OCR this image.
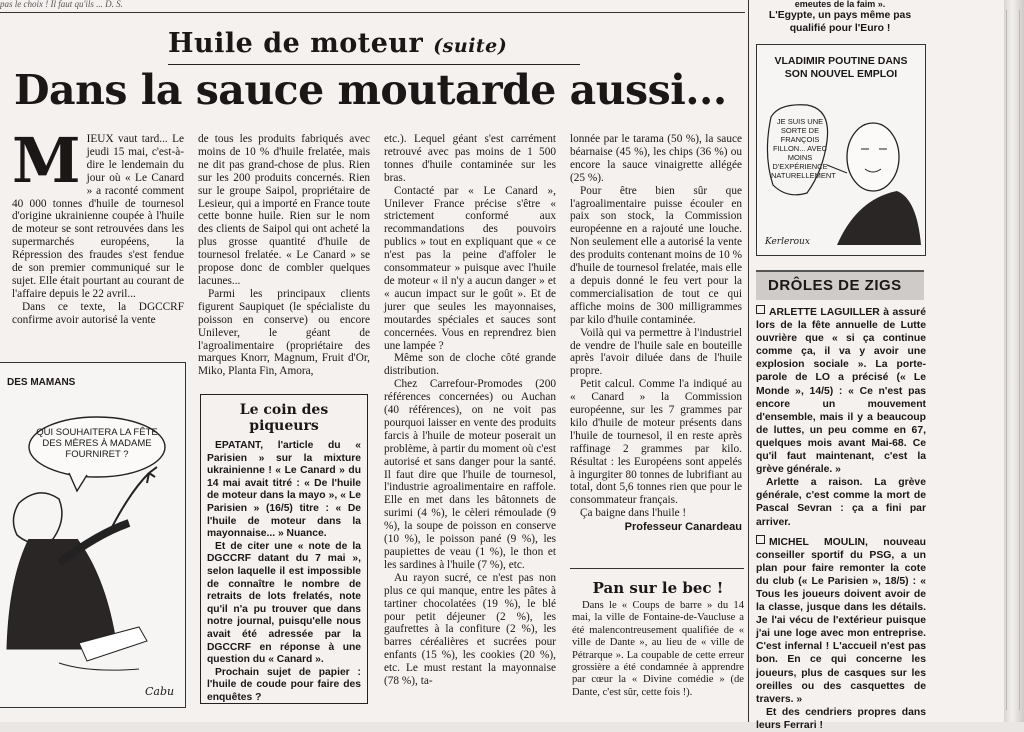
pas le choix ! Il faut qu'ils ... D. S.
Huile de moteur (suite)
Dans la sauce moutarde aussi...
M IEUX vaut tard... Le jeudi 15 mai, c'est-à-dire le lendemain du jour où « Le Canard » a raconté comment 40 000 tonnes d'huile de tournesol d'origine ukrainienne coupée à l'huile de moteur se sont retrouvées dans les supermarchés européens, la Répression des fraudes s'est fendue de son premier communiqué sur le sujet. Elle était pourtant au courant de l'affaire depuis le 22 avril...

Dans ce texte, la DGCCRF confirme avoir autorisé la vente

de tous les produits fabriqués avec moins de 10 % d'huile frelatée, mais ne dit pas grand-chose de plus. Rien sur les 200 produits concernés. Rien sur le groupe Saipol, propriétaire de Lesieur, qui a importé en France toute cette bonne huile. Rien sur le nom des clients de Saipol qui ont acheté la plus grosse quantité d'huile de tournesol frelatée. « Le Canard » se propose donc de combler quelques lacunes...

Parmi les principaux clients figurent Saupiquet (le spécialiste du poisson en conserve) ou encore Unilever, le géant de l'agroalimentaire (propriétaire des marques Knorr, Magnum, Fruit d'Or, Miko, Planta Fin, Amora,

etc.). Lequel géant s'est carrément retrouvé avec pas moins de 1 500 tonnes d'huile contaminée sur les bras.

Contacté par « Le Canard », Unilever France précise s'être « strictement conformé aux recommandations des pouvoirs publics » tout en expliquant que « ce n'est pas la peine d'affoler le consommateur » puisque avec l'huile de moteur « il n'y a aucun danger » et « aucun impact sur le goût ». Et de jurer que seules les mayonnaises, moutardes spéciales et sauces sont concernées. Vous en reprendrez bien une lampée ?

Même son de cloche côté grande distribution.

Chez Carrefour-Promodes (200 références concernées) ou Auchan (40 références), on ne voit pas pourquoi laisser en vente des produits farcis à l'huile de moteur poserait un problème, à partir du moment où c'est autorisé et sans danger pour la santé. Il faut dire que l'huile de tournesol, l'industrie agroalimentaire en raffole. Elle en met dans les bâtonnets de surimi (4 %), le cèleri rémoulade (9 %), la soupe de poisson en conserve (10 %), le poisson pané (9 %), les paupiettes de veau (1 %), le thon et les sardines à l'huile (7 %), etc.

Au rayon sucré, ce n'est pas non plus ce qui manque, entre les pâtes à tartiner chocolatées (19 %), le blé pour petit déjeuner (2 %), les gaufrettes à la confiture (2 %), les barres céréalières et sucrées pour enfants (15 %), les cookies (20 %), etc. Le must restant la mayonnaise (78 %), ta-

lonnée par le tarama (50 %), la sauce béarnaise (45 %), les chips (36 %) ou encore la sauce vinaigrette allégée (25 %).

Pour être bien sûr que l'agroalimentaire puisse écouler en paix son stock, la Commission européenne en a rajouté une louche. Non seulement elle a autorisé la vente des produits contenant moins de 10 % d'huile de tournesol frelatée, mais elle a depuis donné le feu vert pour la commercialisation de tout ce qui affiche moins de 300 milligrammes par kilo d'huile contaminée.

Voilà qui va permettre à l'industriel de vendre de l'huile sale en bouteille après l'avoir diluée dans de l'huile propre.

Petit calcul. Comme l'a indiqué au « Canard » la Commission européenne, sur les 7 grammes par kilo d'huile de moteur présents dans l'huile de tournesol, il en reste après raffinage 2 grammes par kilo. Résultat : les Européens sont appelés à ingurgiter 80 tonnes de lubrifiant au total, dont 5,6 tonnes rien que pour le consommateur français.

Ça baigne dans l'huile !

Professeur Canardeau
Pan sur le bec !

Dans le « Coups de barre » du 14 mai, la ville de Fontaine-de-Vaucluse a été malencontreusement qualifiée de « ville de Dante », au lieu de « ville de Pétrarque ». La coupable de cette erreur grossière a été condamnée à apprendre par cœur la « Divine comédie » (de Dante, c'est sûr, cette fois !).

DES MAMANS
QUI SOUHAITERA LA FÊTE DES MÈRES À MADAME FOURNIRET ?
Cabu
Le coin des piqueurs

EPATANT, l'article du « Parisien » sur la mixture ukrainienne ! « Le Canard » du 14 mai avait titré : « De l'huile de moteur dans la mayo », « Le Parisien » (16/5) titre : « De l'huile de moteur dans la mayonnaise... » Nuance.

Et de citer une « note de la DGCCRF datant du 7 mai », selon laquelle il est impossible de connaître le nombre de retraits de lots frelatés, note qu'il n'a pu trouver que dans notre journal, puisqu'elle nous avait été adressée par la DGCCRF en réponse à une question du « Canard ».

Prochain sujet de papier : l'huile de coude pour faire des enquêtes ?

emeutes de la faim ».
L'Egypte, un pays même pas qualifié pour l'Euro !
VLADIMIR POUTINE DANS SON NOUVEL EMPLOI
JE SUIS UNE SORTE DE FRANÇOIS FILLON... AVEC MOINS D'EXPÉRIENCE NATURELLEMENT
Kerleroux
DRÔLES DE ZIGS
ARLETTE LAGUILLER à assuré lors de la fête annuelle de Lutte ouvrière que « si ça continue comme ça, il va y avoir une explosion sociale ». La porte-parole de LO a précisé (« Le Monde », 14/5) : « Ce n'est pas encore un mouvement d'ensemble, mais il y a beaucoup de luttes, un peu comme en 67, quelques mois avant Mai-68. Ce qu'il faut maintenant, c'est la grève générale. »
Arlette a raison. La grève générale, c'est comme la mort de Pascal Sevran : ça a fini par arriver.
MICHEL MOULIN, nouveau conseiller sportif du PSG, a un plan pour faire remonter la cote du club (« Le Parisien », 18/5) : « Tous les joueurs doivent avoir de la classe, jusque dans les détails. Je l'ai vécu de l'extérieur puisque j'ai une loge avec mon entreprise. C'est infernal ! L'accueil n'est pas bon. En ce qui concerne les joueurs, plus de casques sur les oreilles ou des casquettes de travers. »
Et des cendriers propres dans leurs Ferrari !
